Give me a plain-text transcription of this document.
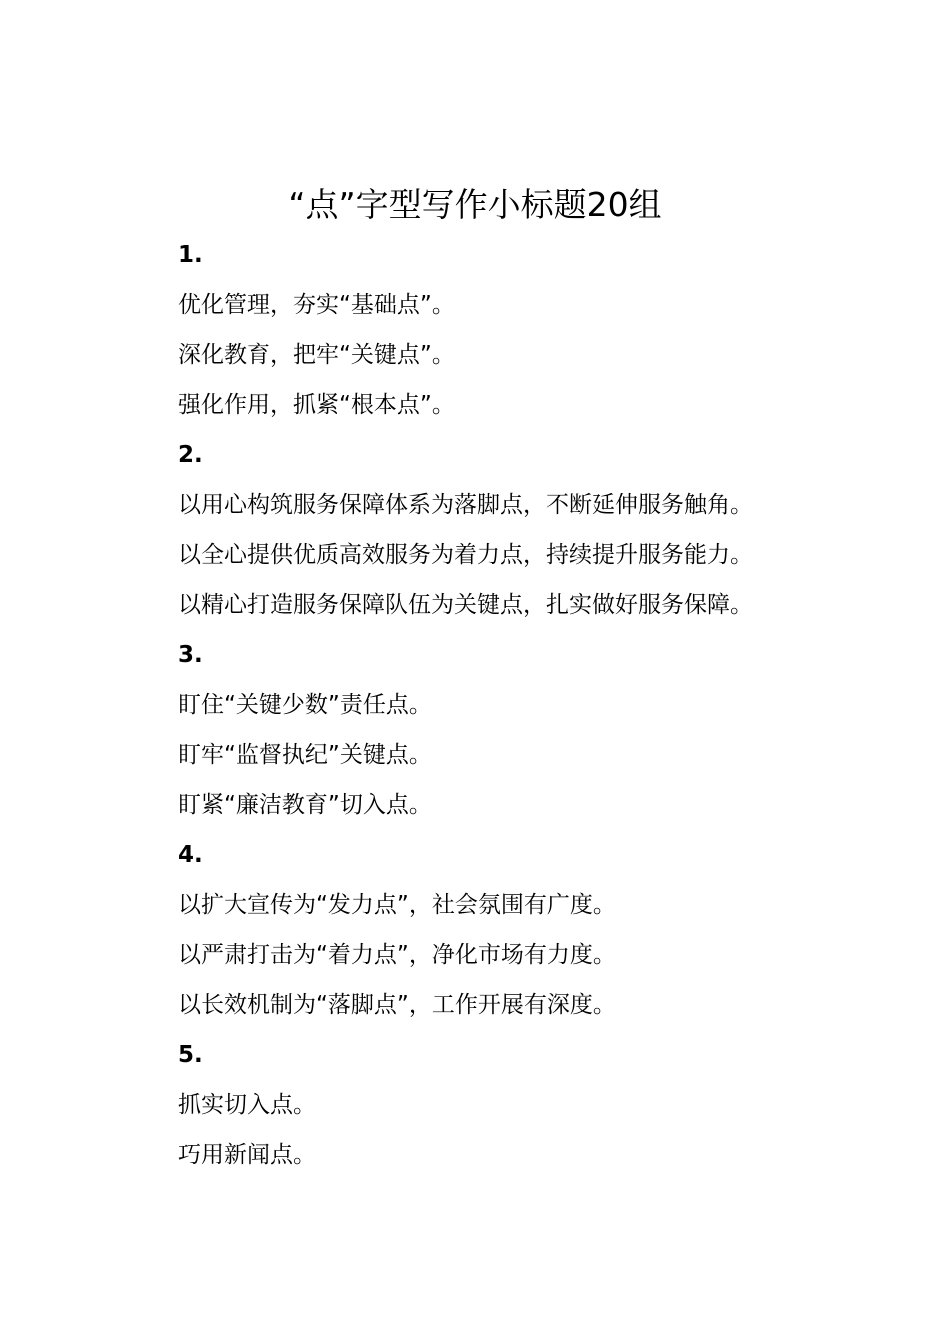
“点”字型写作小标题20组

1.

优化管理，夯实“基础点”。

深化教育，把牢“关键点”。

强化作用，抓紧“根本点”。

2.

以用心构筑服务保障体系为落脚点，不断延伸服务触角。

以全心提供优质高效服务为着力点，持续提升服务能力。

以精心打造服务保障队伍为关键点，扎实做好服务保障。

3.

盯住“关键少数”责任点。

盯牢“监督执纪”关键点。

盯紧“廉洁教育”切入点。

4.

以扩大宣传为“发力点”，社会氛围有广度。

以严肃打击为“着力点”，净化市场有力度。

以长效机制为“落脚点”，工作开展有深度。

5.

抓实切入点。

巧用新闻点。
